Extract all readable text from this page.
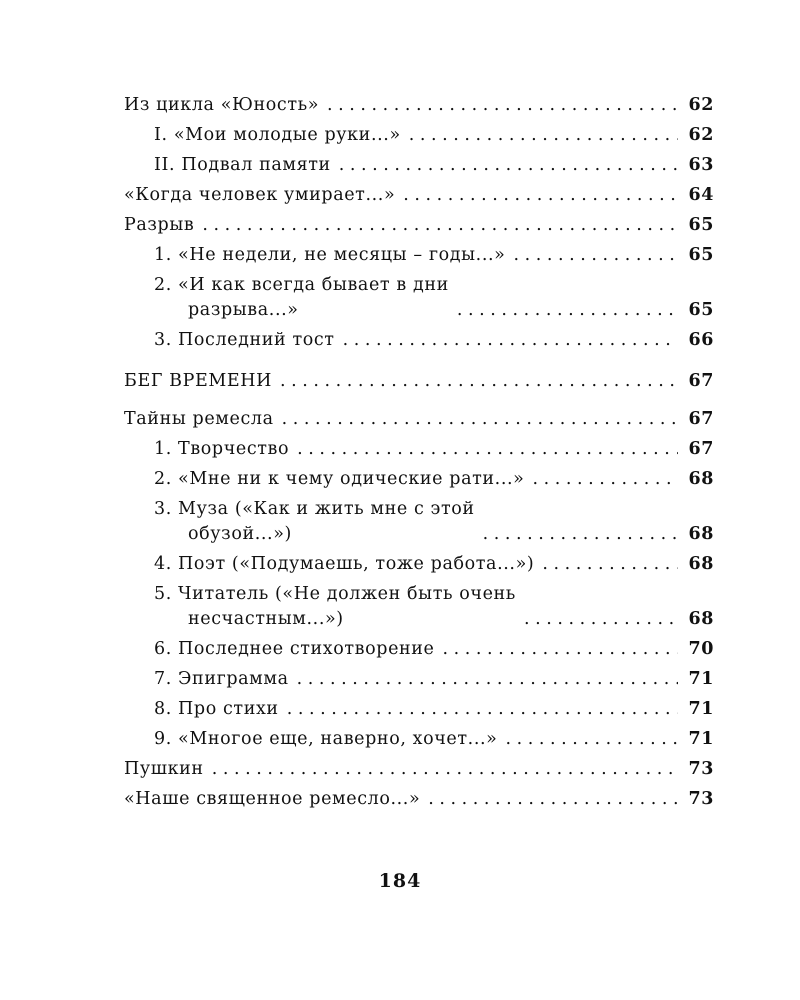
Из цикла «Юность» . . .	62
I. «Мои молодые руки...» . . .	62
II. Подвал памяти . . .	63
«Когда человек умирает...» . . .	64
Разрыв . . .	65
1. «Не недели, не месяцы – годы...» . . .	65
2. «И как всегда бывает в дни
разрыва...» . . .	65
3. Последний тост . . .	66
БЕГ ВРЕМЕНИ . . .	67
Тайны ремесла . . .	67
1. Творчество . . .	67
2. «Мне ни к чему одические рати...» . . .	68
3. Муза («Как и жить мне с этой
обузой...») . . .	68
4. Поэт («Подумаешь, тоже работа...») . . .	68
5. Читатель («Не должен быть очень
несчастным...») . . .	68
6. Последнее стихотворение . . .	70
7. Эпиграмма . . .	71
8. Про стихи . . .	71
9. «Многое еще, наверно, хочет...» . . .	71
Пушкин . . .	73
«Наше священное ремесло...» . . .	73
184
